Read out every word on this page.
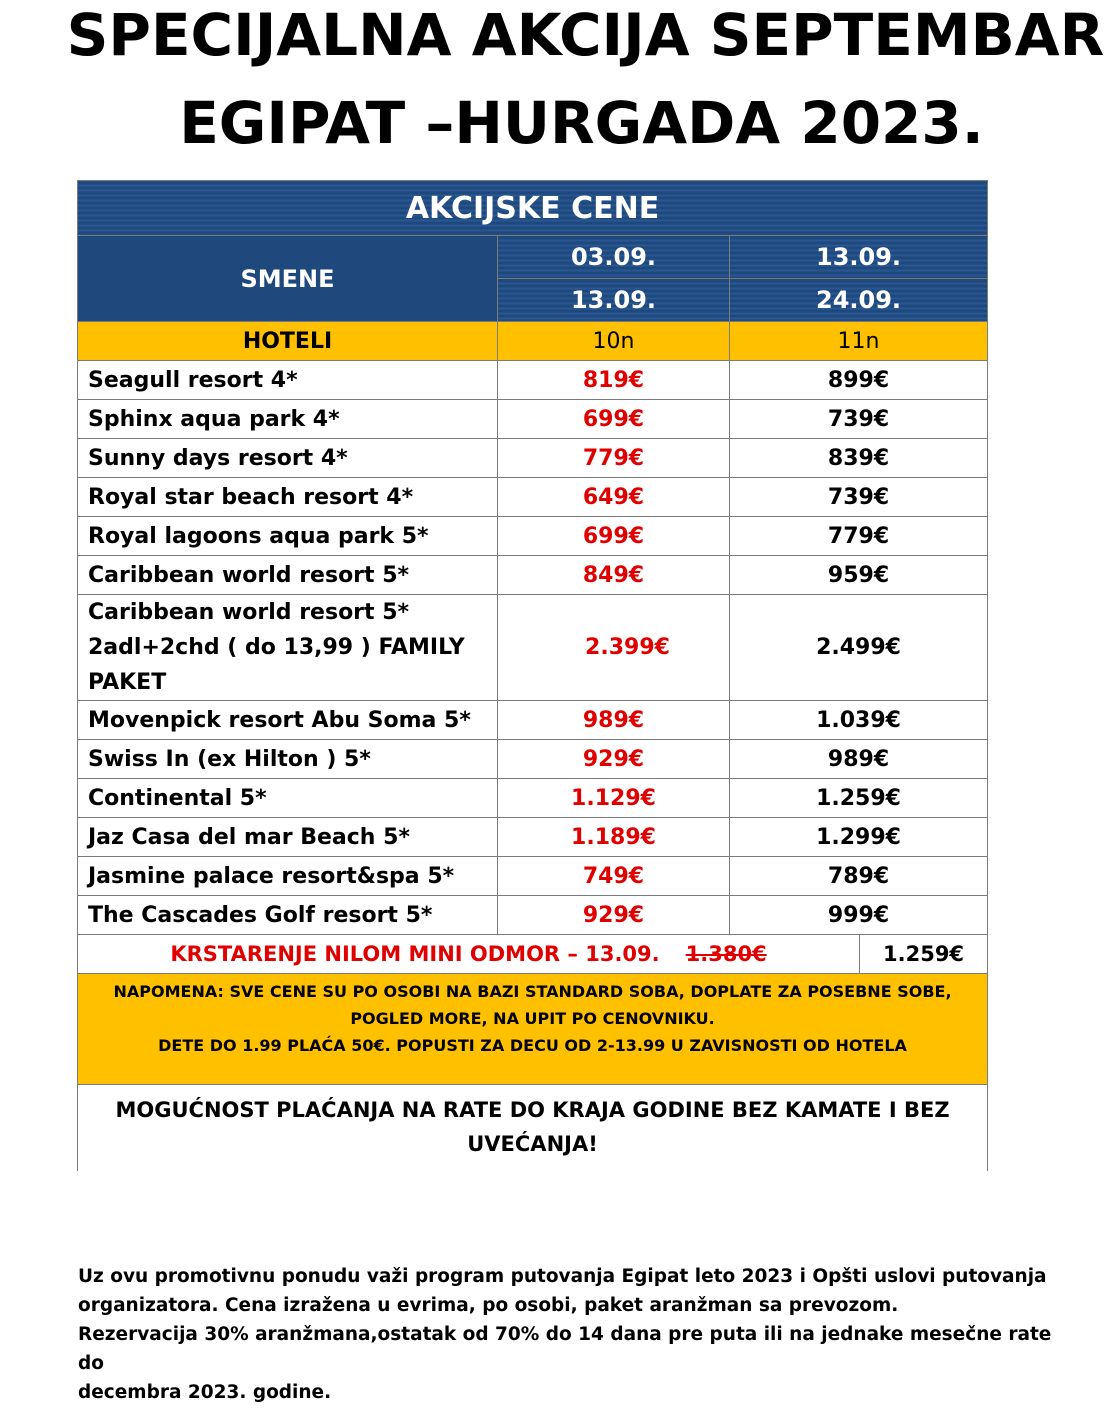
SPECIJALNA AKCIJA SEPTEMBAR
EGIPAT –HURGADA 2023.
AKCIJSKE CENE			
SMENE	03.09.	13.09.	
	13.09.	24.09.	
HOTELI	10n	11n	
Seagull resort 4*	819€	899€	
Sphinx aqua park 4*	699€	739€	
Sunny days resort 4*	779€	839€	
Royal star beach resort 4*	649€	739€	
Royal lagoons aqua park 5*	699€	779€	
Caribbean world resort 5*	849€	959€	

Caribbean world resort 5*
2adl+2chd ( do 13,99 ) FAMILY
PAKET	2.399€	2.499€	
Movenpick resort Abu Soma 5*	989€	1.039€	
Swiss In (ex Hilton ) 5*	929€	989€	
Continental 5*	1.129€	1.259€	
Jaz Casa del mar Beach 5*	1.189€	1.299€	
Jasmine palace resort&spa 5*	749€	789€	
The Cascades Golf resort 5*	929€	999€	
KRSTARENJE NILOM MINI ODMOR – 13.09. 1.380€			1.259€

NAPOMENA: SVE CENE SU PO OSOBI NA BAZI STANDARD SOBA, DOPLATE ZA POSEBNE SOBE,
POGLED MORE, NA UPIT PO CENOVNIKU.
DETE DO 1.99 PLAĆA 50€. POPUSTI ZA DECU OD 2-13.99 U ZAVISNOSTI OD HOTELA			

MOGUĆNOST PLAĆANJA NA RATE DO KRAJA GODINE BEZ KAMATE I BEZ
UVEĆANJA!			
Uz ovu promotivnu ponudu važi program putovanja Egipat leto 2023 i Opšti uslovi putovanja
organizatora. Cena izražena u evrima, po osobi, paket aranžman sa prevozom.
Rezervacija 30% aranžmana,ostatak od 70% do 14 dana pre puta ili na jednake mesečne rate do
decembra 2023. godine.
